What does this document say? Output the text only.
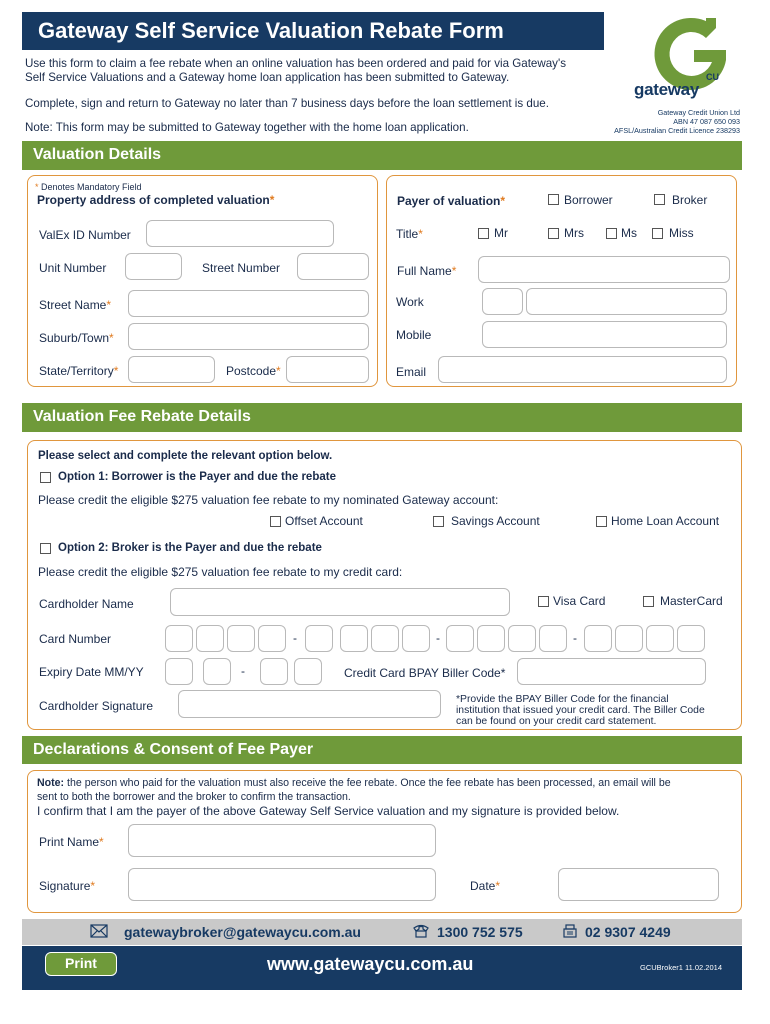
Gateway Self Service Valuation Rebate Form
Use this form to claim a fee rebate when an online valuation has been ordered and paid for via Gateway's
Self Service Valuations and a Gateway home loan application has been submitted to Gateway.
Complete, sign and return to Gateway no later than 7 business days before the loan settlement is due.
Note: This form may be submitted to Gateway together with the home loan application.
CU
gateway
Gateway Credit Union Ltd
ABN 47 087 650 093
AFSL/Australian Credit Licence 238293
Valuation Details
* Denotes Mandatory Field
Property address of completed valuation*
ValEx ID Number
Unit Number	Street Number
Street Name*
Suburb/Town*
State/Territory*	Postcode*
Payer of valuation*	Borrower	Broker
Title*	Mr	Mrs	Ms	Miss
Full Name*
Work
Mobile
Email
Valuation Fee Rebate Details
Please select and complete the relevant option below.
Option 1: Borrower is the Payer and due the rebate
Please credit the eligible $275 valuation fee rebate to my nominated Gateway account:
Offset Account	Savings Account	Home Loan Account
Option 2: Broker is the Payer and due the rebate
Please credit the eligible $275 valuation fee rebate to my credit card:
Cardholder Name	Visa Card	MasterCard
Card Number	-	-	-
Expiry Date MM/YY	-	Credit Card BPAY Biller Code*
Cardholder Signature	*Provide the BPAY Biller Code for the financial
institution that issued your credit card. The Biller Code
can be found on your credit card statement.
Declarations & Consent of Fee Payer
Note: the person who paid for the valuation must also receive the fee rebate. Once the fee rebate has been processed, an email will be
sent to both the borrower and the broker to confirm the transaction.
I confirm that I am the payer of the above Gateway Self Service valuation and my signature is provided below.
Print Name*
Signature*	Date*
gatewaybroker@gatewaycu.com.au	1300 752 575	02 9307 4249
Print	www.gatewaycu.com.au	GCUBroker1 11.02.2014
